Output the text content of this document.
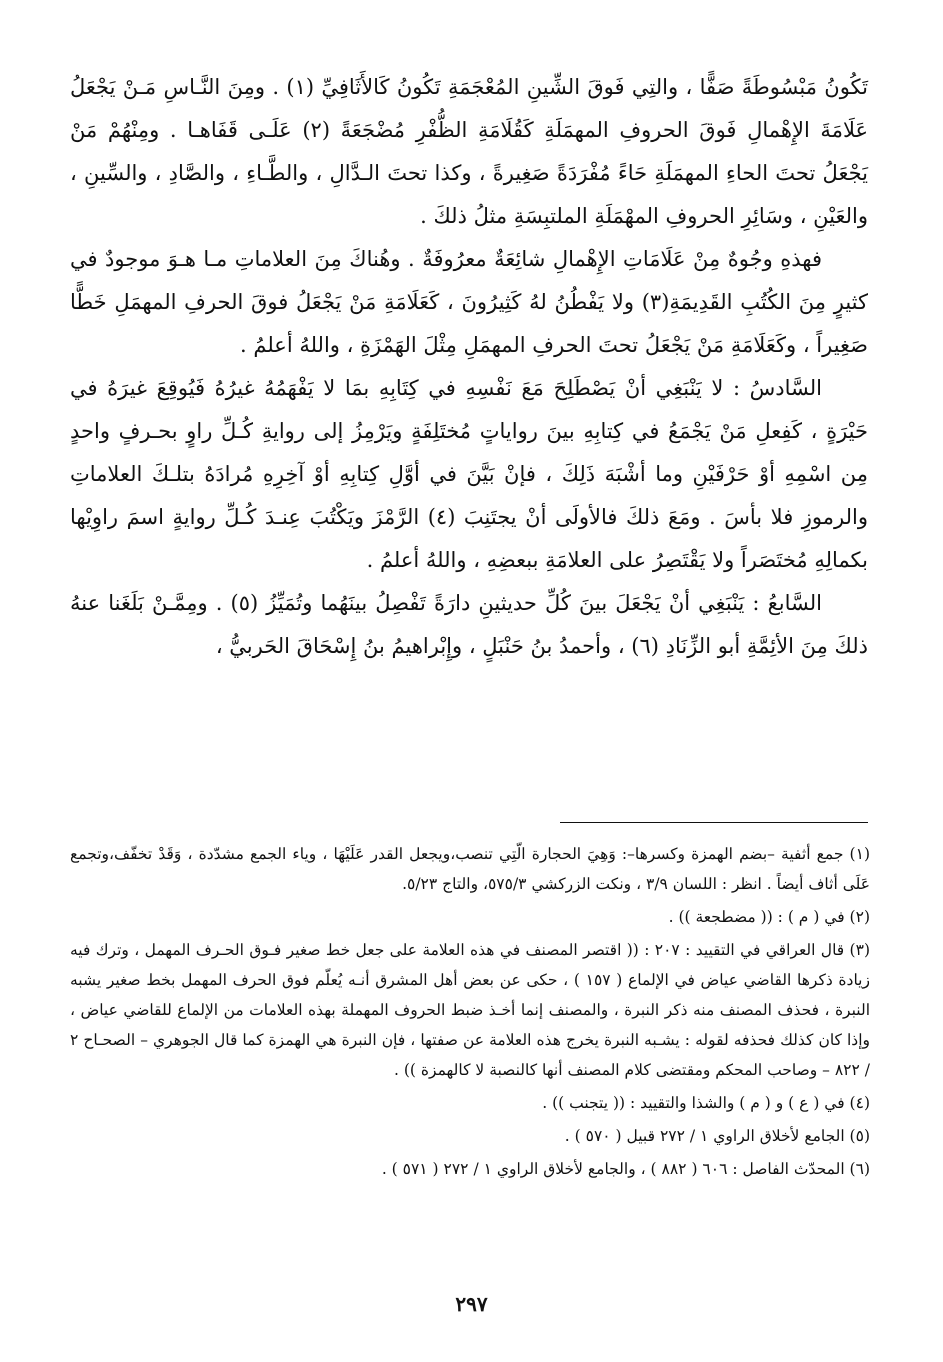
تَكُونُ مَبْسُوطَةً صَفًّا ، والتِي فَوقَ الشِّينِ المُعْجَمَةِ تَكُونُ كَالأَثَافِيِّ (١) . ومِنَ النَّـاسِ مَـنْ يَجْعَلُ عَلَامَةَ الإِهْمالِ فَوقَ الحروفِ المهمَلَةِ كَقُلَامَةِ الظُّفْرِ مُضْجَعَةً (٢) عَلَـى قَفَاهـا . ومِنْهُمْ مَنْ يَجْعَلُ تحتَ الحاءِ المهمَلَةِ حَاءً مُفْرَدَةً صَغِيرةً ، وكذا تحتَ الـدَّالِ ، والطَّـاءِ ، والصَّادِ ، والسِّينِ ، والعَيْنِ ، وسَائِرِ الحروفِ المهْمَلَةِ الملتبِسَةِ مثلُ ذلكَ .

فهذهِ وجُوهٌ مِنْ عَلَامَاتِ الإِهْمالِ شائِعَةٌ معرُوفَةٌ . وهُناكَ مِنَ العلاماتِ مـا هـوَ موجودٌ في كثيرٍ مِنَ الكُتُبِ القَدِيمَةِ(٣) ولا يَفْطُنُ لهُ كَثِيرُونَ ، كَعَلَامَةِ مَنْ يَجْعَلُ فوقَ الحرفِ المهمَلِ خَطًّا صَغِيراً ، وكَعَلَامَةِ مَنْ يَجْعَلُ تحتَ الحرفِ المهمَلِ مِثْلَ الهَمْزَةِ ، واللهُ أعلمُ .

السَّادسُ : لا يَنْبَغِي أنْ يَصْطَلِحَ مَعَ نَفْسِهِ في كِتَابِهِ بمَا لا يَفْهَمُهُ غيرُهُ فَيُوقِعَ غيرَهُ في حَيْرَةٍ ، كَفِعلِ مَنْ يَجْمَعُ في كِتابِهِ بينَ رواياتٍ مُختَلِفَةٍ ويَرْمِزُ إلى روايةِ كُـلِّ راوٍ بحـرفٍ واحدٍ مِن اسْمِهِ أوْ حَرْفَيْنِ وما أشْبَهَ ذَلِكَ ، فإنْ بَيَّنَ في أوَّلِ كِتابِهِ أوْ آخِرِهِ مُرادَهُ بتلـكَ العلاماتِ والرموزِ فلا بأسَ . ومَعَ ذلكَ فالأولَى أنْ يجتَنِبَ (٤) الرَّمْزَ ويَكْتُبَ عِنـدَ كُـلِّ روايةٍ اسمَ راوِيْها بكمالِهِ مُختَصَراً ولا يَقْتَصِرُ على العلامَةِ ببعضِهِ ، واللهُ أعلمُ .

السَّابعُ : يَنْبَغِي أنْ يَجْعَلَ بينَ كُلِّ حديثينِ دارَةً تَفْصِلُ بينَهُما وتُمَيِّزُ (٥) . ومِمَّـنْ بَلَغَنا عنهُ ذلكَ مِنَ الأئِمَّةِ أبو الزِّنَادِ (٦) ، وأحمدُ بنُ حَنْبَلٍ ، وإِبْراهيمُ بنُ إِسْحَاقَ الحَربيُّ ،

(١) جمع أثفية –بضم الهمزة وكسرها–: وَهِيَ الحجارة الّتِي تنصب،ويجعل القدر عَلَيْهَا ، وياء الجمع مشدّدة ، وَقَدْ تخفّف،وتجمع عَلَى أثاف أيضاً . انظر : اللسان ٣/٩ ، ونكت الزركشي ٥٧٥/٣، والتاج ٥/٢٣.

(٢) في ( م ) : (( مضطجعة )) .

(٣) قال العراقي في التقييد : ٢٠٧ : (( اقتصر المصنف في هذه العلامة على جعل خط صغير فـوق الحـرف المهمل ، وترك فيه زيادة ذكرها القاضي عياض في الإلماع ( ١٥٧ ) ، حكى عن بعض أهل المشرق أنـه يُعلّم فوق الحرف المهمل بخط صغير يشبه النبرة ، فحذف المصنف منه ذكر النبرة ، والمصنف إنما أخـذ ضبط الحروف المهملة بهذه العلامات من الإلماع للقاضي عياض ، وإذا كان كذلك فحذفه لقوله : يشـبه النبرة يخرج هذه العلامة عن صفتها ، فإن النبرة هي الهمزة كما قال الجوهري – الصحـاح ٢ / ٨٢٢ – وصاحب المحكم ومقتضى كلام المصنف أنها كالنصبة لا كالهمزة )) .

(٤) في ( ع ) و ( م ) والشذا والتقييد : (( يتجنب )) .

(٥) الجامع لأخلاق الراوي ١ / ٢٧٢ قبيل ( ٥٧٠ ) .

(٦) المحدّث الفاصل : ٦٠٦ ( ٨٨٢ ) ، والجامع لأخلاق الراوي ١ / ٢٧٢ ( ٥٧١ ) .

٢٩٧
